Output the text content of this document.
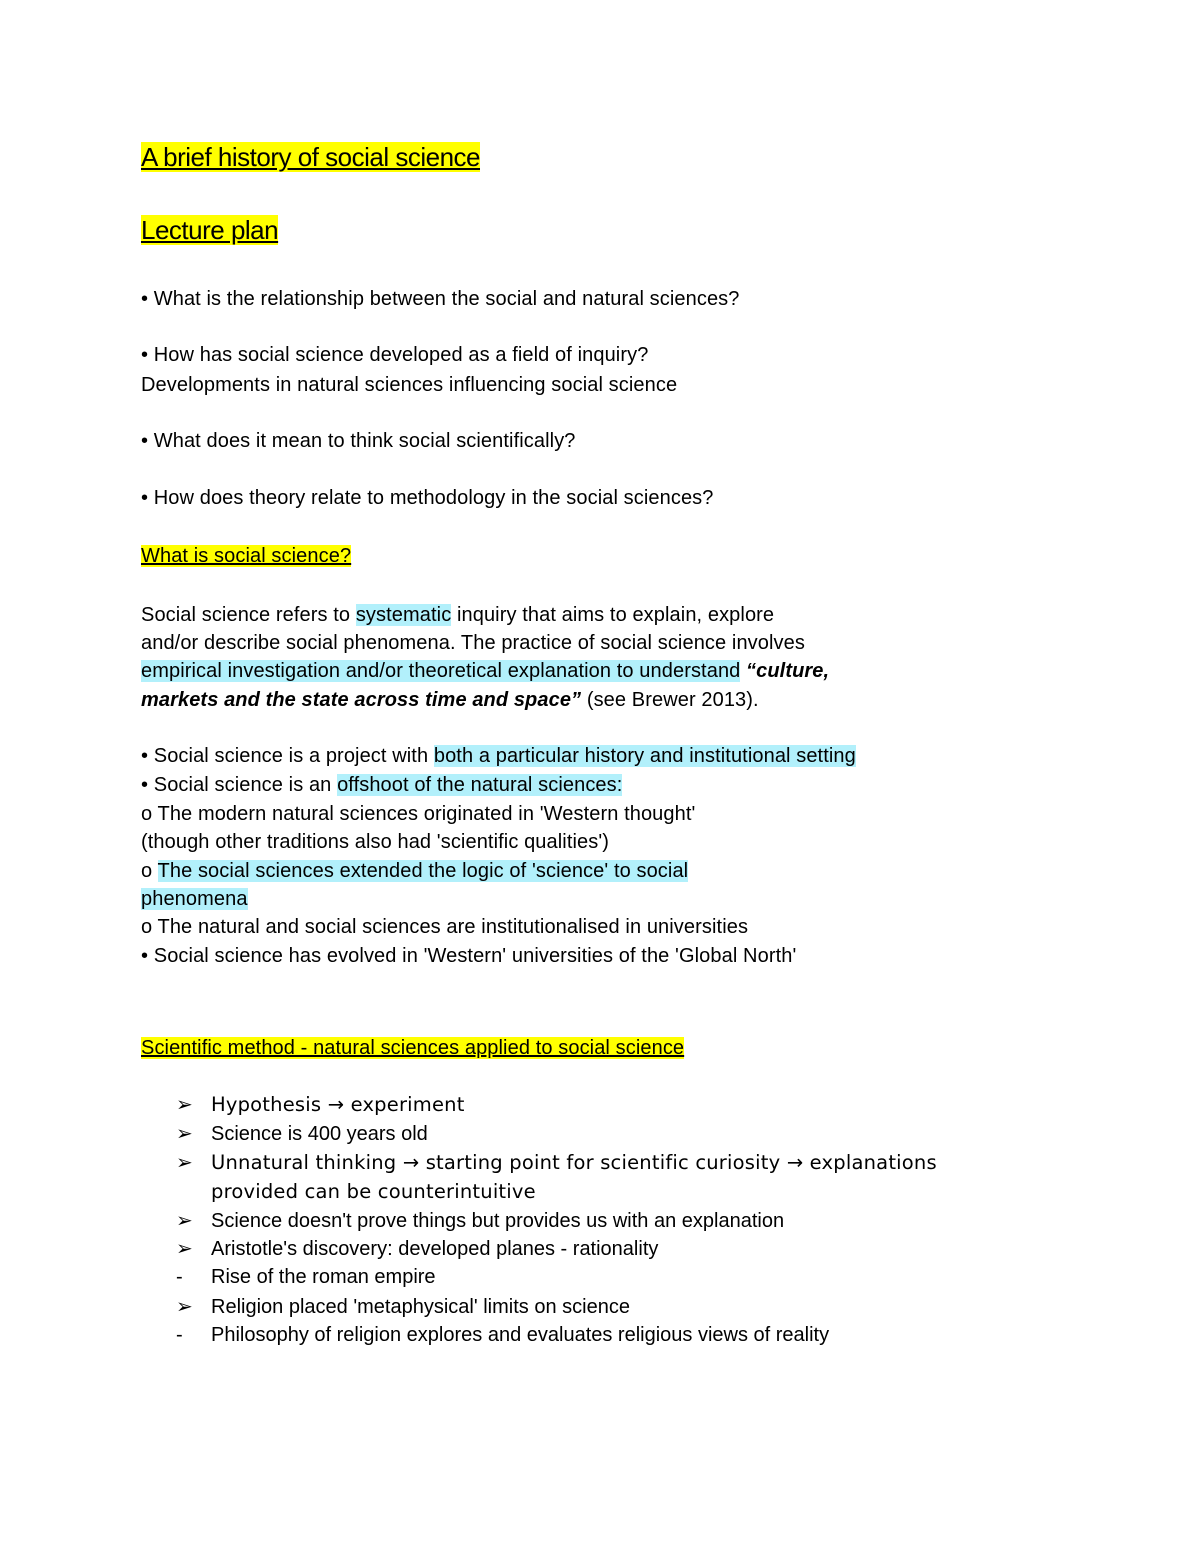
A brief history of social science
Lecture plan
• What is the relationship between the social and natural sciences?
• How has social science developed as a field of inquiry?
Developments in natural sciences influencing social science
• What does it mean to think social scientifically?
• How does theory relate to methodology in the social sciences?
What is social science?
Social science refers to systematic inquiry that aims to explain, explore
and/or describe social phenomena. The practice of social science involves
empirical investigation and/or theoretical explanation to understand “culture,
markets and the state across time and space” (see Brewer 2013).
• Social science is a project with both a particular history and institutional setting
• Social science is an offshoot of the natural sciences:
o The modern natural sciences originated in 'Western thought'
(though other traditions also had 'scientific qualities')
o The social sciences extended the logic of 'science' to social
phenomena
o The natural and social sciences are institutionalised in universities
• Social science has evolved in 'Western' universities of the 'Global North'
Scientific method - natural sciences applied to social science
➢ Hypothesis → experiment
➢ Science is 400 years old
➢ Unnatural thinking → starting point for scientific curiosity → explanations
provided can be counterintuitive
➢ Science doesn't prove things but provides us with an explanation
➢ Aristotle's discovery: developed planes - rationality
-	Rise of the roman empire
➢ Religion placed 'metaphysical' limits on science
-	Philosophy of religion explores and evaluates religious views of reality
